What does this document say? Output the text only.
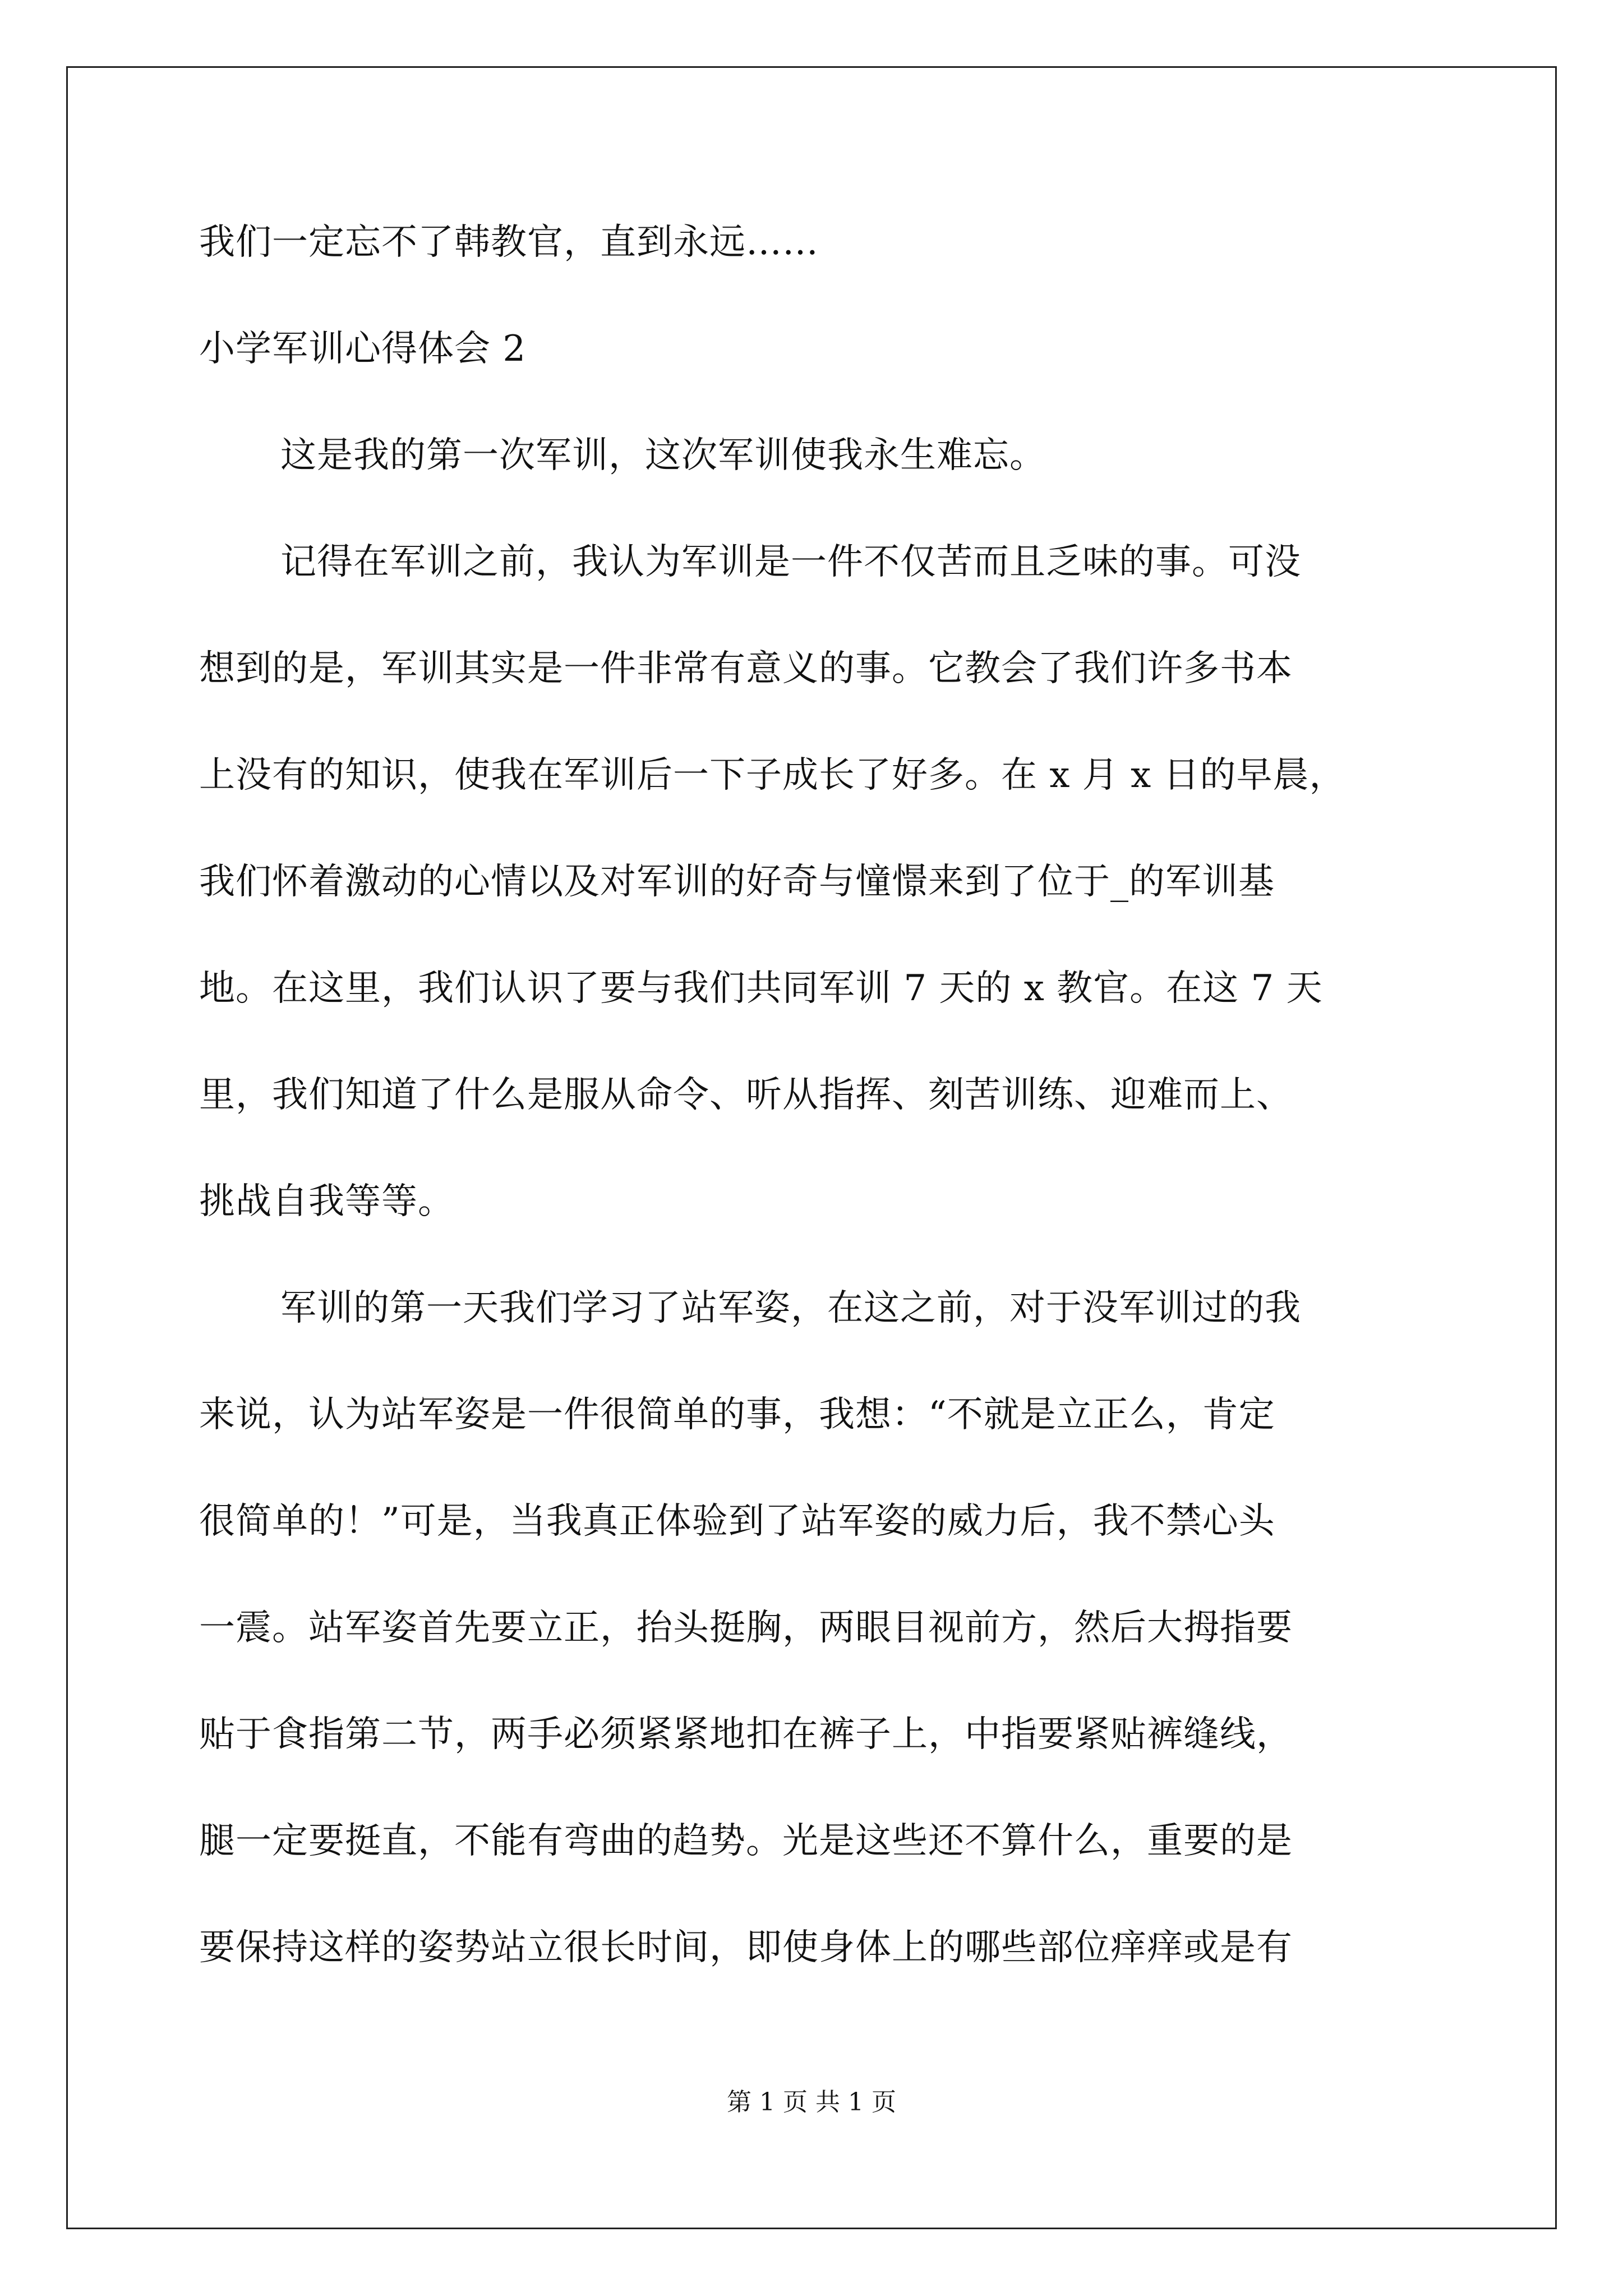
我们一定忘不了韩教官，直到永远……
小学军训心得体会 2
这是我的第一次军训，这次军训使我永生难忘。
记得在军训之前，我认为军训是一件不仅苦而且乏味的事。可没
想到的是，军训其实是一件非常有意义的事。它教会了我们许多书本
上没有的知识，使我在军训后一下子成长了好多。在 x 月 x 日的早晨，
我们怀着激动的心情以及对军训的好奇与憧憬来到了位于_的军训基
地。在这里，我们认识了要与我们共同军训 7 天的 x 教官。在这 7 天
里，我们知道了什么是服从命令、听从指挥、刻苦训练、迎难而上、
挑战自我等等。
军训的第一天我们学习了站军姿，在这之前，对于没军训过的我
来说，认为站军姿是一件很简单的事，我想：“不就是立正么，肯定
很简单的！”可是，当我真正体验到了站军姿的威力后，我不禁心头
一震。站军姿首先要立正，抬头挺胸，两眼目视前方，然后大拇指要
贴于食指第二节，两手必须紧紧地扣在裤子上，中指要紧贴裤缝线，
腿一定要挺直，不能有弯曲的趋势。光是这些还不算什么，重要的是
要保持这样的姿势站立很长时间，即使身体上的哪些部位痒痒或是有
第 1 页 共 1 页
